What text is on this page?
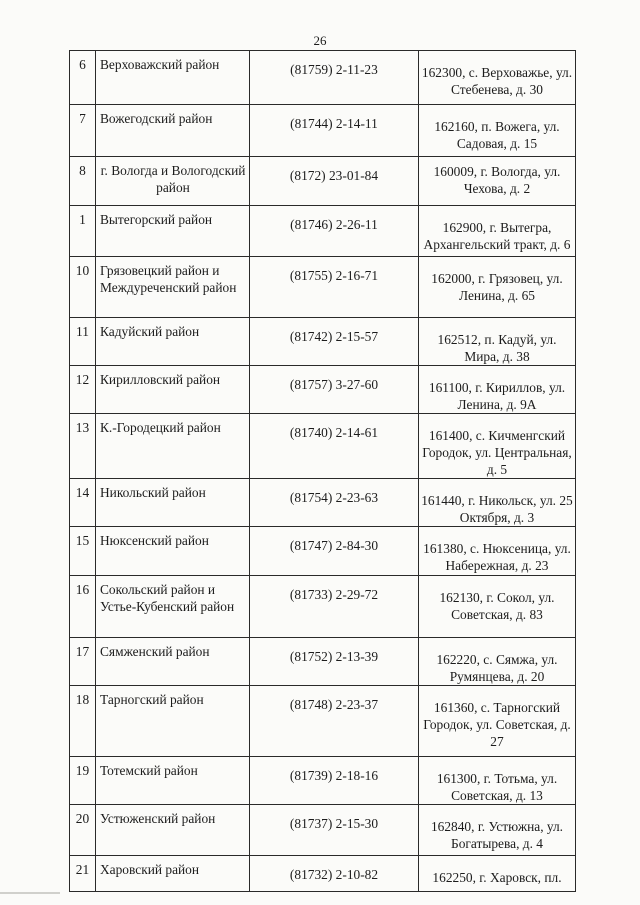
26
6	Верховажский район	(81759) 2-11-23	162300, с. Верховажье, ул. Стебенева, д. 30
7	Вожегодский район	(81744) 2-14-11	162160, п. Вожега, ул. Садовая, д. 15
8	г. Вологда и Вологодский район	(8172) 23-01-84	160009, г. Вологда, ул. Чехова, д. 2
1	Вытегорский район	(81746) 2-26-11	162900, г. Вытегра, Архангельский тракт, д. 6
10	Грязовецкий район и Междуреченский район	(81755) 2-16-71	162000, г. Грязовец, ул. Ленина, д. 65
11	Кадуйский район	(81742) 2-15-57	162512, п. Кадуй, ул. Мира, д. 38
12	Кирилловский район	(81757) 3-27-60	161100, г. Кириллов, ул. Ленина, д. 9А
13	К.-Городецкий район	(81740) 2-14-61	161400, с. Кичменгский Городок, ул. Центральная, д. 5
14	Никольский район	(81754) 2-23-63	161440, г. Никольск, ул. 25 Октября, д. 3
15	Нюксенский район	(81747) 2-84-30	161380, с. Нюксеница, ул. Набережная, д. 23
16	Сокольский район и Устье-Кубенский район	(81733) 2-29-72	162130, г. Сокол, ул. Советская, д. 83
17	Сямженский район	(81752) 2-13-39	162220, с. Сямжа, ул. Румянцева, д. 20
18	Тарногский район	(81748) 2-23-37	161360, с. Тарногский Городок, ул. Советская, д. 27
19	Тотемский район	(81739) 2-18-16	161300, г. Тотьма, ул. Советская, д. 13
20	Устюженский район	(81737) 2-15-30	162840, г. Устюжна, ул. Богатырева, д. 4
21	Харовский район	(81732) 2-10-82	162250, г. Харовск, пл.
